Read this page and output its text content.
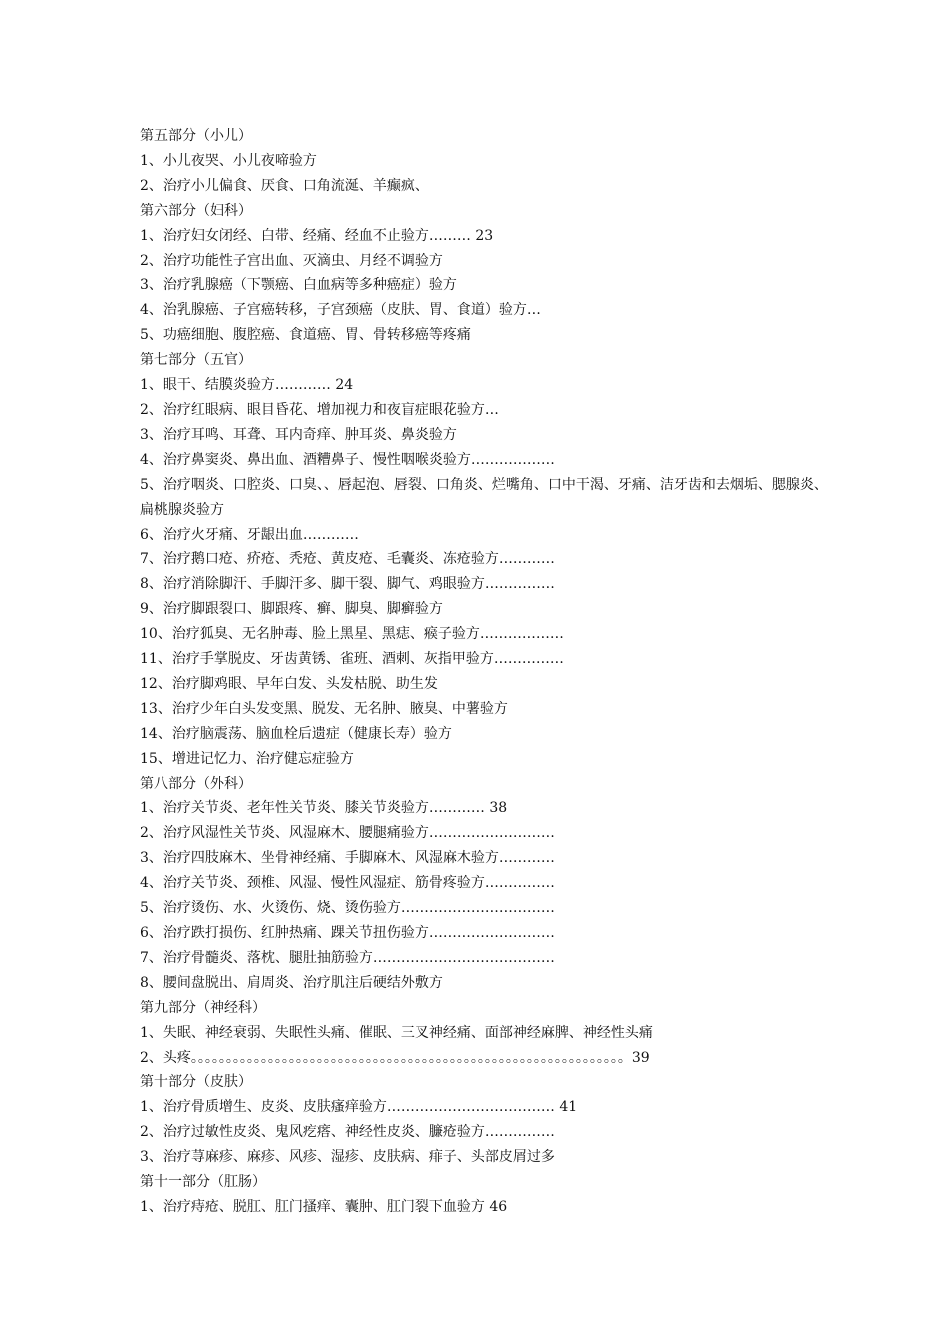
第五部分（小儿）
1、小儿夜哭、小儿夜啼验方
2、治疗小儿偏食、厌食、口角流涎、羊癫疯、
第六部分（妇科）
1、治疗妇女闭经、白带、经痛、经血不止验方……… 23
2、治疗功能性子宫出血、灭滴虫、月经不调验方
3、治疗乳腺癌（下颚癌、白血病等多种癌症）验方
4、治乳腺癌、子宫癌转移，子宫颈癌（皮肤、胃、食道）验方…
5、功癌细胞、腹腔癌、食道癌、胃、骨转移癌等疼痛
第七部分（五官）
1、眼干、结膜炎验方………… 24
2、治疗红眼病、眼目昏花、增加视力和夜盲症眼花验方…
3、治疗耳鸣、耳聋、耳内奇痒、肿耳炎、鼻炎验方
4、治疗鼻窦炎、鼻出血、酒糟鼻子、慢性咽喉炎验方………………
5、治疗咽炎、口腔炎、口臭、、唇起泡、唇裂、口角炎、烂嘴角、口中干渴、牙痛、洁牙齿和去烟垢、腮腺炎、扁桃腺炎验方
6、治疗火牙痛、牙龈出血…………
7、治疗鹅口疮、疥疮、秃疮、黄皮疮、毛囊炎、冻疮验方…………
8、治疗消除脚汗、手脚汗多、脚干裂、脚气、鸡眼验方……………
9、治疗脚跟裂口、脚跟疼、癣、脚臭、脚癣验方
10、治疗狐臭、无名肿毒、脸上黑星、黑痣、瘊子验方………………
11、治疗手掌脱皮、牙齿黄锈、雀班、酒刺、灰指甲验方……………
12、治疗脚鸡眼、早年白发、头发枯脱、助生发
13、治疗少年白头发变黑、脱发、无名肿、腋臭、中薯验方
14、治疗脑震荡、脑血栓后遗症（健康长寿）验方
15、增进记忆力、治疗健忘症验方
第八部分（外科）
1、治疗关节炎、老年性关节炎、膝关节炎验方………… 38
2、治疗风湿性关节炎、风湿麻木、腰腿痛验方………………………
3、治疗四肢麻木、坐骨神经痛、手脚麻木、风湿麻木验方…………
4、治疗关节炎、颈椎、风湿、慢性风湿症、筋骨疼验方……………
5、治疗烫伤、水、火烫伤、烧、烫伤验方……………………………
6、治疗跌打损伤、红肿热痛、踝关节扭伤验方………………………
7、治疗骨髓炎、落枕、腿肚抽筋验方…………………………………
8、腰间盘脱出、肩周炎、治疗肌注后硬结外敷方
第九部分（神经科）
1、失眠、神经衰弱、失眠性头痛、催眠、三叉神经痛、面部神经麻脾、神经性头痛
2、头疼。。。。。。。。。。。。。。。。。。。。。。。。。。。。。。。。。。。。。。。。。。。。。。。。。。。。。。。。。。。。。。39
第十部分（皮肤）
1、治疗骨质增生、皮炎、皮肤瘙痒验方……………………………… 41
2、治疗过敏性皮炎、鬼风疙瘩、神经性皮炎、臁疮验方……………
3、治疗荨麻疹、麻疹、风疹、湿疹、皮肤病、痱子、头部皮屑过多
第十一部分（肛肠）
1、治疗痔疮、脱肛、肛门搔痒、囊肿、肛门裂下血验方 46
